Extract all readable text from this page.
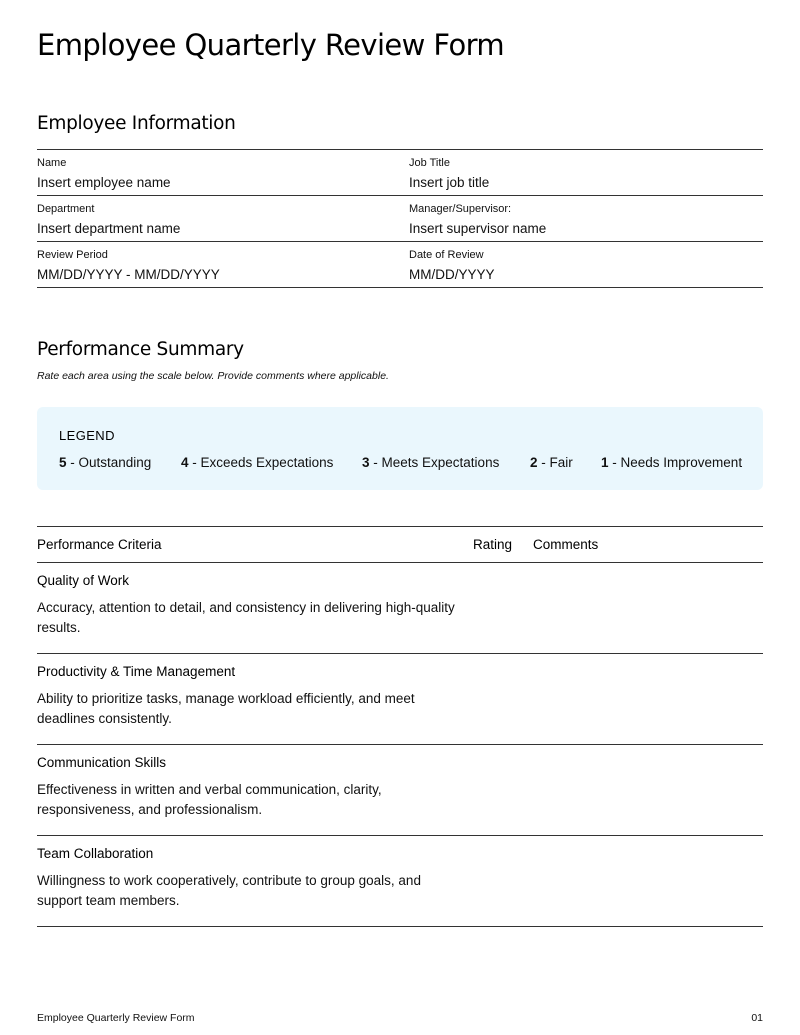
Employee Quarterly Review Form
Employee Information
Name
Insert employee name
Job Title
Insert job title
Department
Insert department name
Manager/Supervisor:
Insert supervisor name
Review Period
MM/DD/YYYY - MM/DD/YYYY
Date of Review
MM/DD/YYYY
Performance Summary

Rate each area using the scale below. Provide comments where applicable.

LEGEND
5 - Outstanding 4 - Exceeds Expectations 3 - Meets Expectations 2 - Fair 1 - Needs Improvement
Performance Criteria	Rating Comments
Quality of Work
Accuracy, attention to detail, and consistency in delivering high-quality results.
Productivity & Time Management
Ability to prioritize tasks, manage workload efficiently, and meet deadlines consistently.
Communication Skills
Effectiveness in written and verbal communication, clarity, responsiveness, and professionalism.
Team Collaboration
Willingness to work cooperatively, contribute to group goals, and support team members.
Employee Quarterly Review Form	01
